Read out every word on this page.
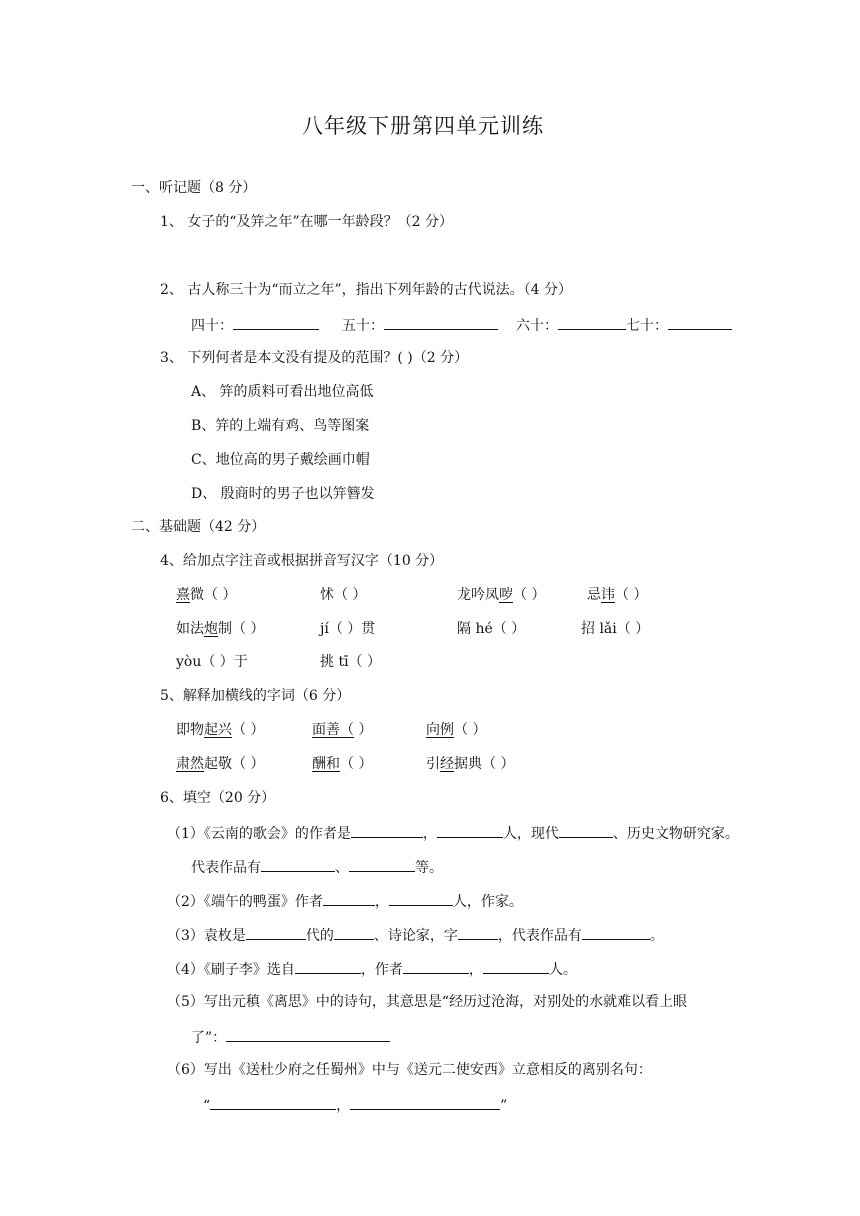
八年级下册第四单元训练
一、听记题（8 分）
1、 女子的“及笄之年”在哪一年龄段？（2 分）
2、 古人称三十为“而立之年”，指出下列年龄的古代说法。（4 分）
四十：	五十：	六十：	七十：
3、 下列何者是本文没有提及的范围？( )（2 分）
A、 笄的质料可看出地位高低
B、笄的上端有鸡、鸟等图案
C、地位高的男子戴绘画巾帽
D、 殷商时的男子也以笄簪发
二、基础题（42 分）
4、给加点字注音或根据拼音写汉字（10 分）
熹微（ ）	怵（ ）	龙吟凤哕（ ）	忌讳（ ）
如法炮制（ ）	jí（ ）贯	隔 hé（ ）	招 lǎi（ ）
yòu（ ）于	挑 tī（ ）
5、解释加横线的字词（6 分）
即物起兴（ ）	面善（ ）	向例（ ）
肃然起敬（ ）	酬和（ ）	引经据典（ ）
6、填空（20 分）
（1）《云南的歌会》的作者是	，	人，现代	、历史文物研究家。
代表作品有	、	等。
（2）《端午的鸭蛋》作者	，	人，作家。
（3）袁枚是	代的	、诗论家，字	，代表作品有	。
（4）《刷子李》选自	，作者	，	人。
（5）写出元稹《离思》中的诗句，其意思是“经历过沧海，对别处的水就难以看上眼
了”：
（6）写出《送杜少府之任蜀州》中与《送元二使安西》立意相反的离别名句：
“	，	”
